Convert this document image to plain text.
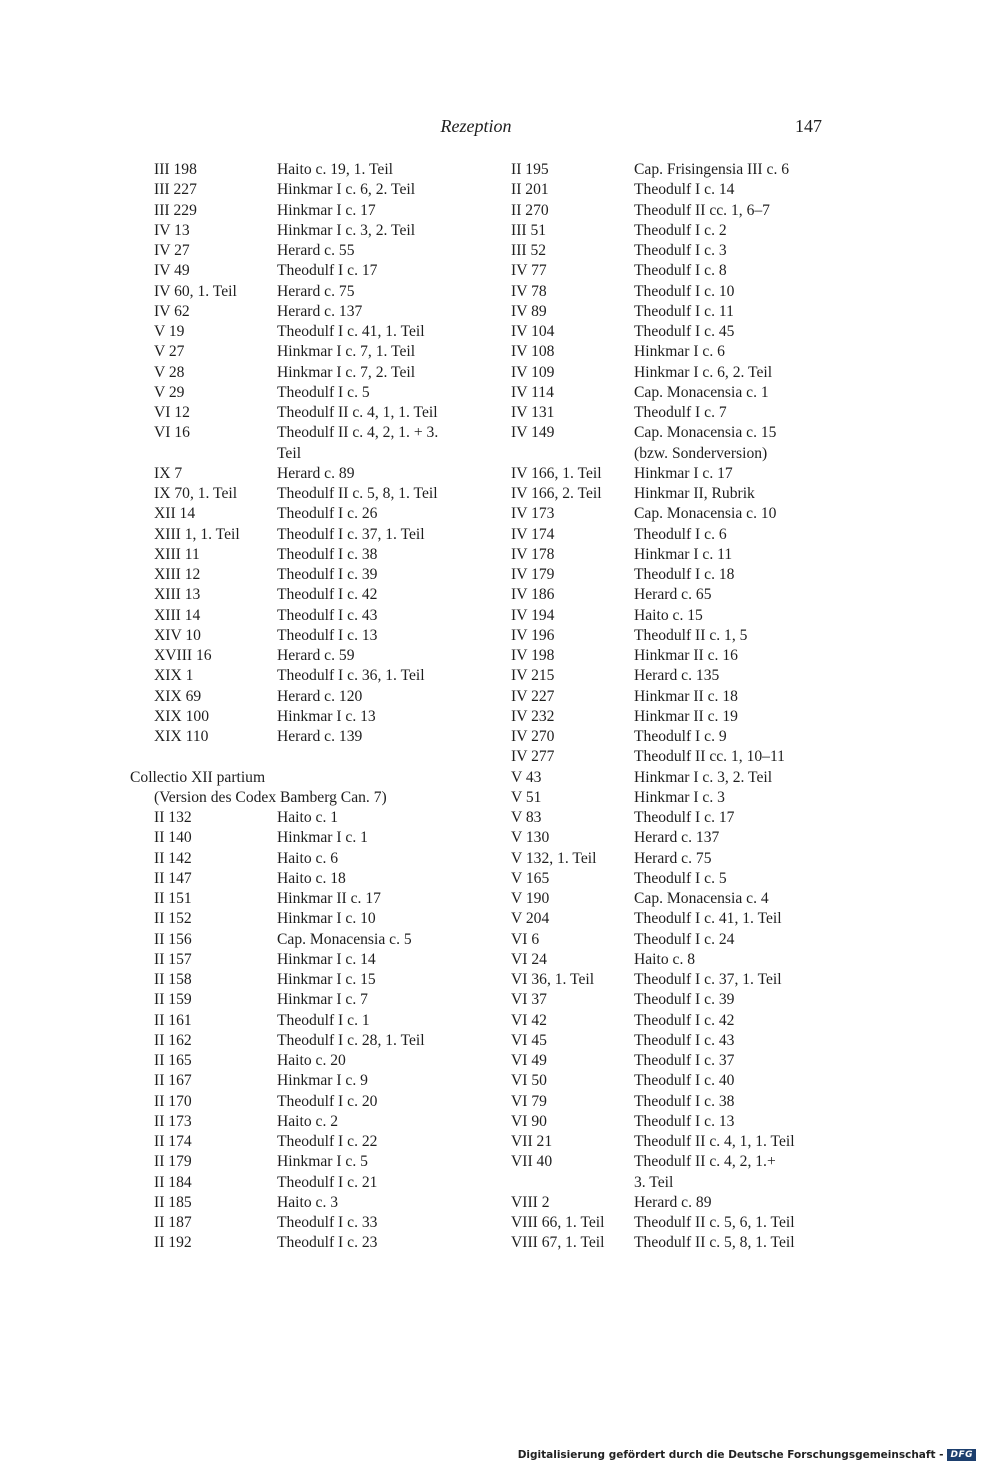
Rezeption	147
III 198	Haito c. 19, 1. Teil
III 227	Hinkmar I c. 6, 2. Teil
III 229	Hinkmar I c. 17
IV 13	Hinkmar I c. 3, 2. Teil
IV 27	Herard c. 55
IV 49	Theodulf I c. 17
IV 60, 1. Teil	Herard c. 75
IV 62	Herard c. 137
V 19	Theodulf I c. 41, 1. Teil
V 27	Hinkmar I c. 7, 1. Teil
V 28	Hinkmar I c. 7, 2. Teil
V 29	Theodulf I c. 5
VI 12	Theodulf II c. 4, 1, 1. Teil
VI 16	Theodulf II c. 4, 2, 1. + 3.
Teil
IX 7	Herard c. 89
IX 70, 1. Teil	Theodulf II c. 5, 8, 1. Teil
XII 14	Theodulf I c. 26
XIII 1, 1. Teil	Theodulf I c. 37, 1. Teil
XIII 11	Theodulf I c. 38
XIII 12	Theodulf I c. 39
XIII 13	Theodulf I c. 42
XIII 14	Theodulf I c. 43
XIV 10	Theodulf I c. 13
XVIII 16	Herard c. 59
XIX 1	Theodulf I c. 36, 1. Teil
XIX 69	Herard c. 120
XIX 100	Hinkmar I c. 13
XIX 110	Herard c. 139
Collectio XII partium
(Version des Codex Bamberg Can. 7)
II 132	Haito c. 1
II 140	Hinkmar I c. 1
II 142	Haito c. 6
II 147	Haito c. 18
II 151	Hinkmar II c. 17
II 152	Hinkmar I c. 10
II 156	Cap. Monacensia c. 5
II 157	Hinkmar I c. 14
II 158	Hinkmar I c. 15
II 159	Hinkmar I c. 7
II 161	Theodulf I c. 1
II 162	Theodulf I c. 28, 1. Teil
II 165	Haito c. 20
II 167	Hinkmar I c. 9
II 170	Theodulf I c. 20
II 173	Haito c. 2
II 174	Theodulf I c. 22
II 179	Hinkmar I c. 5
II 184	Theodulf I c. 21
II 185	Haito c. 3
II 187	Theodulf I c. 33
II 192	Theodulf I c. 23
II 195	Cap. Frisingensia III c. 6
II 201	Theodulf I c. 14
II 270	Theodulf II cc. 1, 6–7
III 51	Theodulf I c. 2
III 52	Theodulf I c. 3
IV 77	Theodulf I c. 8
IV 78	Theodulf I c. 10
IV 89	Theodulf I c. 11
IV 104	Theodulf I c. 45
IV 108	Hinkmar I c. 6
IV 109	Hinkmar I c. 6, 2. Teil
IV 114	Cap. Monacensia c. 1
IV 131	Theodulf I c. 7
IV 149	Cap. Monacensia c. 15
(bzw. Sonderversion)
IV 166, 1. Teil	Hinkmar I c. 17
IV 166, 2. Teil	Hinkmar II, Rubrik
IV 173	Cap. Monacensia c. 10
IV 174	Theodulf I c. 6
IV 178	Hinkmar I c. 11
IV 179	Theodulf I c. 18
IV 186	Herard c. 65
IV 194	Haito c. 15
IV 196	Theodulf II c. 1, 5
IV 198	Hinkmar II c. 16
IV 215	Herard c. 135
IV 227	Hinkmar II c. 18
IV 232	Hinkmar II c. 19
IV 270	Theodulf I c. 9
IV 277	Theodulf II cc. 1, 10–11
V 43	Hinkmar I c. 3, 2. Teil
V 51	Hinkmar I c. 3
V 83	Theodulf I c. 17
V 130	Herard c. 137
V 132, 1. Teil	Herard c. 75
V 165	Theodulf I c. 5
V 190	Cap. Monacensia c. 4
V 204	Theodulf I c. 41, 1. Teil
VI 6	Theodulf I c. 24
VI 24	Haito c. 8
VI 36, 1. Teil	Theodulf I c. 37, 1. Teil
VI 37	Theodulf I c. 39
VI 42	Theodulf I c. 42
VI 45	Theodulf I c. 43
VI 49	Theodulf I c. 37
VI 50	Theodulf I c. 40
VI 79	Theodulf I c. 38
VI 90	Theodulf I c. 13
VII 21	Theodulf II c. 4, 1, 1. Teil
VII 40	Theodulf II c. 4, 2, 1.+
3. Teil
VIII 2	Herard c. 89
VIII 66, 1. Teil	Theodulf II c. 5, 6, 1. Teil
VIII 67, 1. Teil	Theodulf II c. 5, 8, 1. Teil
Digitalisierung gefördert durch die Deutsche Forschungsgemeinschaft - DFG
